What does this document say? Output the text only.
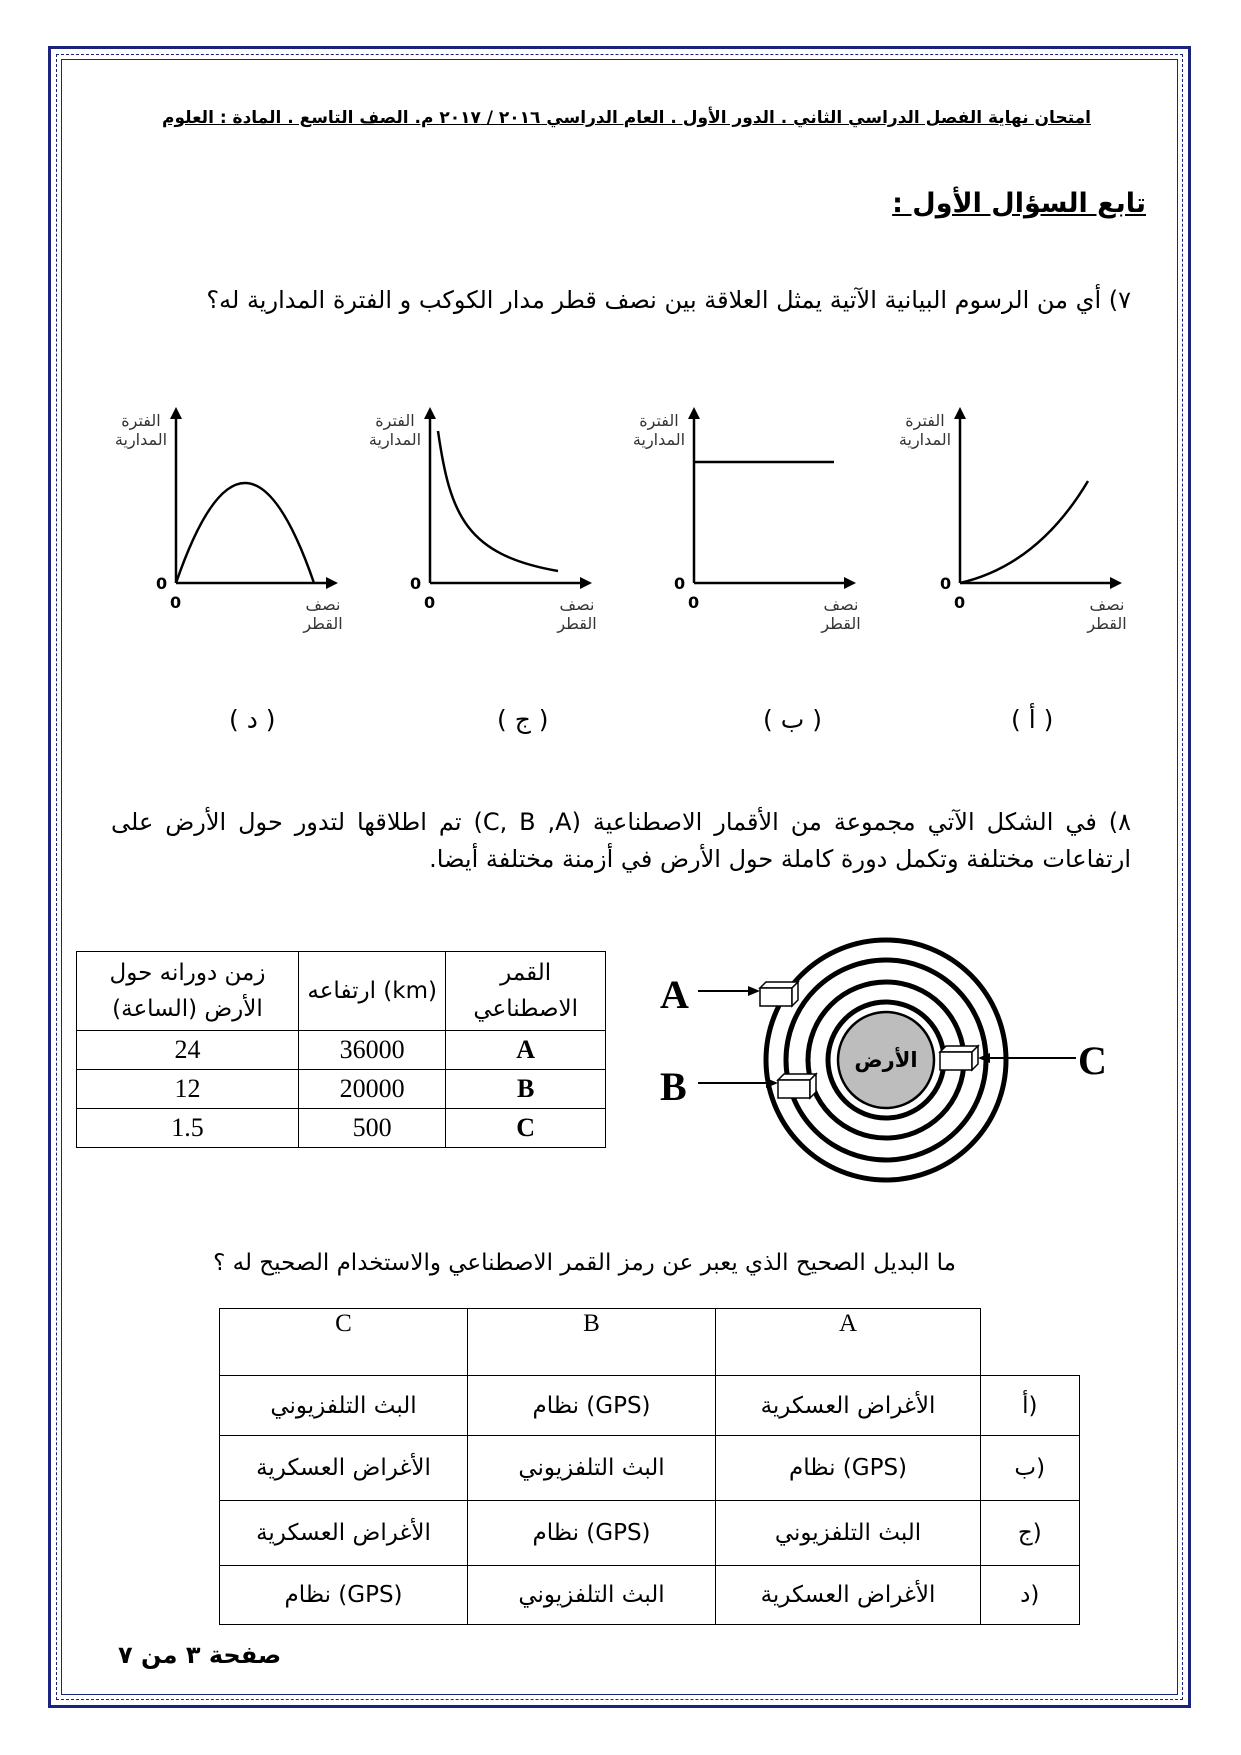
امتحان نهاية الفصل الدراسي الثاني . الدور الأول . العام الدراسي ٢٠١٦ / ٢٠١٧ م. الصف التاسع . المادة : العلوم
تابع السؤال الأول :
٧) أي من الرسوم البيانية الآتية يمثل العلاقة بين نصف قطر مدار الكوكب و الفترة المدارية له؟
الفترة المدارية
0
0	نصف القطر
الفترة المدارية
0
0	نصف القطر
الفترة المدارية
0
0	نصف القطر
الفترة المدارية
0
0	نصف القطر
( أ )
( ب )
( ج )
( د )
٨) في الشكل الآتي مجموعة من الأقمار الاصطناعية (C, B ,A) تم اطلاقها لتدور حول الأرض على ارتفاعات مختلفة وتكمل دورة كاملة حول الأرض في أزمنة مختلفة أيضا.
زمن دورانه حول الأرض (الساعة)	ارتفاعه (km)	القمر الاصطناعي
24	36000	A
12	20000	B
1.5	500	C
الأرض
A
B
C
ما البديل الصحيح الذي يعبر عن رمز القمر الاصطناعي والاستخدام الصحيح له ؟
C	B	A	
البث التلفزيوني	نظام (GPS)	الأغراض العسكرية	أ)
الأغراض العسكرية	البث التلفزيوني	نظام (GPS)	ب)
الأغراض العسكرية	نظام (GPS)	البث التلفزيوني	ج)
نظام (GPS)	البث التلفزيوني	الأغراض العسكرية	د)
صفحة ٣ من ٧
